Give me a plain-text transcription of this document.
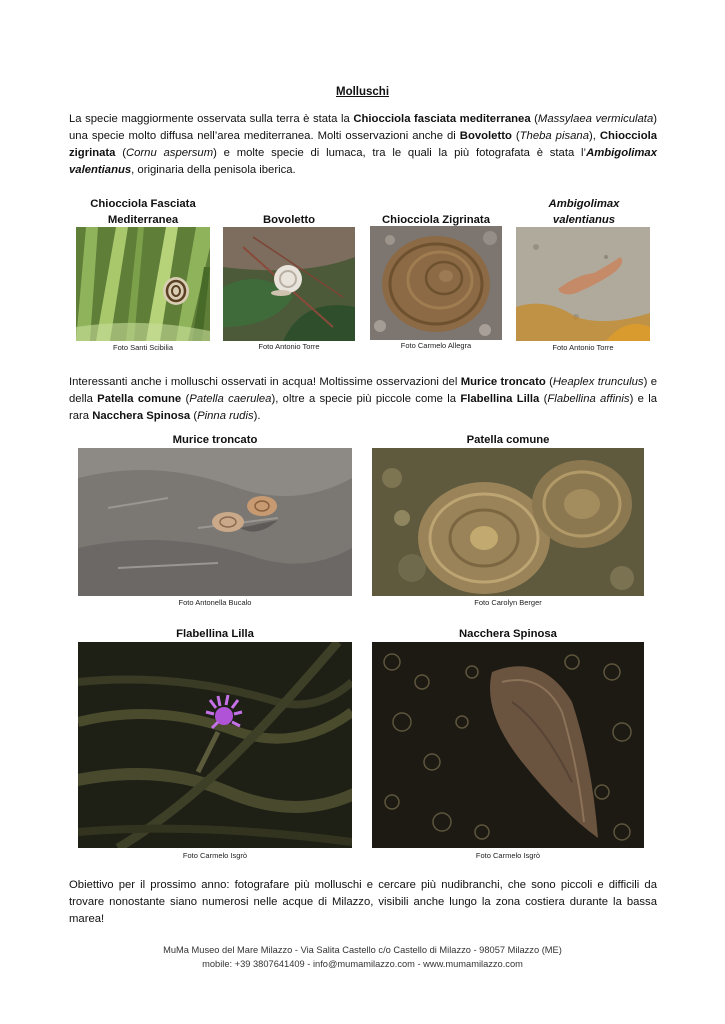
Molluschi

La specie maggiormente osservata sulla terra è stata la Chiocciola fasciata mediterranea (Massylaea vermiculata) una specie molto diffusa nell’area mediterranea. Molti osservazioni anche di Bovoletto (Theba pisana), Chiocciola zigrinata (Cornu aspersum) e molte specie di lumaca, tra le quali la più fotografata è stata l’Ambigolimax valentianus, originaria della penisola iberica.

Chiocciola Fasciata Mediterranea	Bovoletto	Chiocciola Zigrinata
Ambigolimax valentianus
Foto Santi Scibilia	Foto Antonio Torre	Foto Carmelo Allegra	Foto Antonio Torre

Interessanti anche i molluschi osservati in acqua! Moltissime osservazioni del Murice troncato (Heaplex trunculus) e della Patella comune (Patella caerulea), oltre a specie più piccole come la Flabellina Lilla (Flabellina affinis) e la rara Nacchera Spinosa (Pinna rudis).

Murice troncato	Patella comune
Foto Antonella Bucalo	Foto Carolyn Berger
Flabellina Lilla	Nacchera Spinosa
Foto Carmelo Isgrò	Foto Carmelo Isgrò

Obiettivo per il prossimo anno: fotografare più molluschi e cercare più nudibranchi, che sono piccoli e difficili da trovare nonostante siano numerosi nelle acque di Milazzo, visibili anche lungo la zona costiera durante la bassa marea!

MuMa Museo del Mare Milazzo - Via Salita Castello c/o Castello di Milazzo - 98057 Milazzo (ME)
mobile: +39 3807641409 - info@mumamilazzo.com - www.mumamilazzo.com
